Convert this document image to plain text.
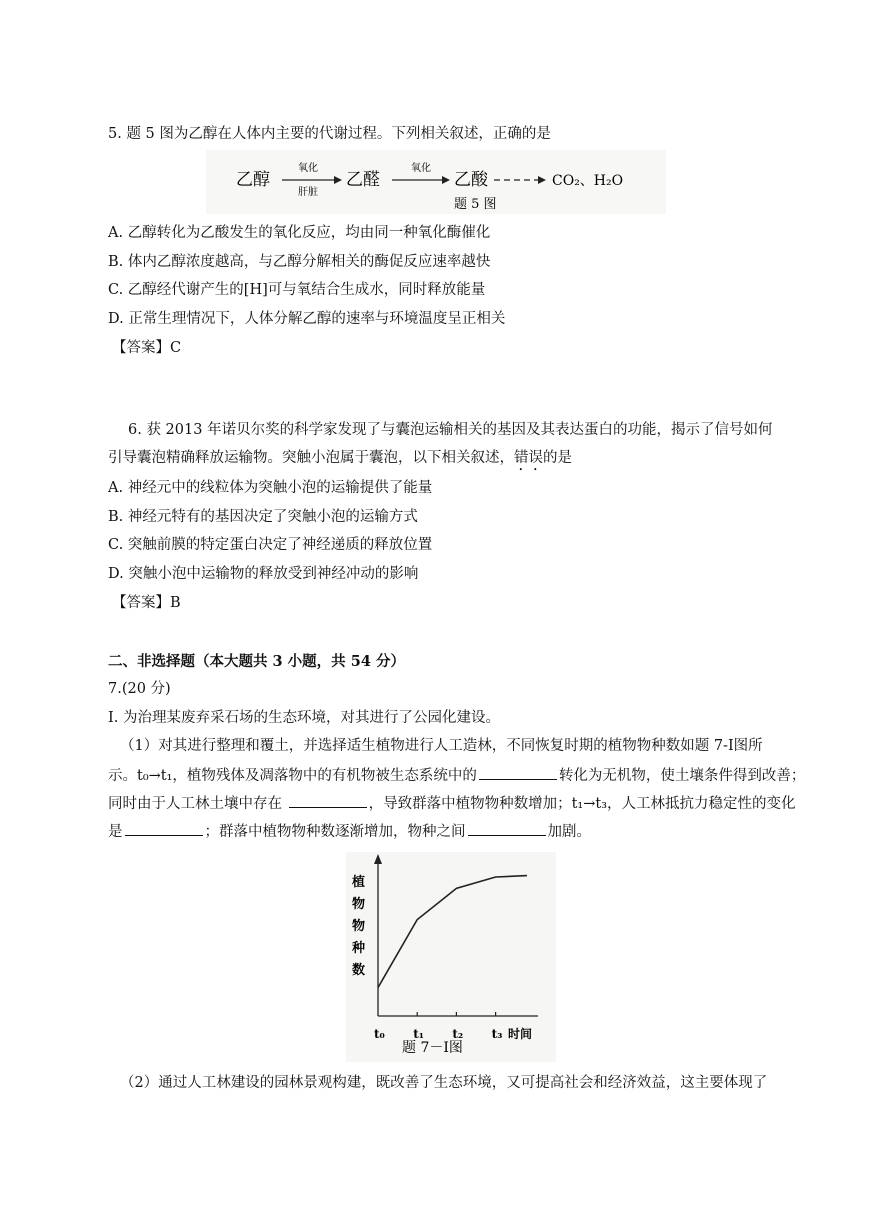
5. 题 5 图为乙醇在人体内主要的代谢过程。下列相关叙述，正确的是
乙醇
氧化
肝脏
乙醛
氧化
乙酸	CO₂、H₂O
题 5 图
A. 乙醇转化为乙酸发生的氧化反应，均由同一种氧化酶催化
B. 体内乙醇浓度越高，与乙醇分解相关的酶促反应速率越快
C. 乙醇经代谢产生的[H]可与氧结合生成水，同时释放能量
D. 正常生理情况下，人体分解乙醇的速率与环境温度呈正相关
【答案】C
6. 获 2013 年诺贝尔奖的科学家发现了与囊泡运输相关的基因及其表达蛋白的功能，揭示了信号如何
引导囊泡精确释放运输物。突触小泡属于囊泡，以下相关叙述，错误的是
A. 神经元中的线粒体为突触小泡的运输提供了能量
B. 神经元特有的基因决定了突触小泡的运输方式
C. 突触前膜的特定蛋白决定了神经递质的释放位置
D. 突触小泡中运输物的释放受到神经冲动的影响
【答案】B
二、非选择题（本大题共 3 小题，共 54 分）
7.(20 分)
Ⅰ. 为治理某废弃采石场的生态环境，对其进行了公园化建设。
（1）对其进行整理和覆土，并选择适生植物进行人工造林，不同恢复时期的植物物种数如题 7-Ⅰ图所
示。t₀→t₁，植物残体及凋落物中的有机物被生态系统中的	转化为无机物，使土壤条件得到改善；
同时由于人工林土壤中存在	，导致群落中植物物种数增加；t₁→t₃，人工林抵抗力稳定性的变化
是	；群落中植物物种数逐渐增加，物种之间	加剧。
植
物
物
种
数
t₀ t₁ t₂ t₃ 时间
题 7－Ⅰ图
（2）通过人工林建设的园林景观构建，既改善了生态环境，又可提高社会和经济效益，这主要体现了
